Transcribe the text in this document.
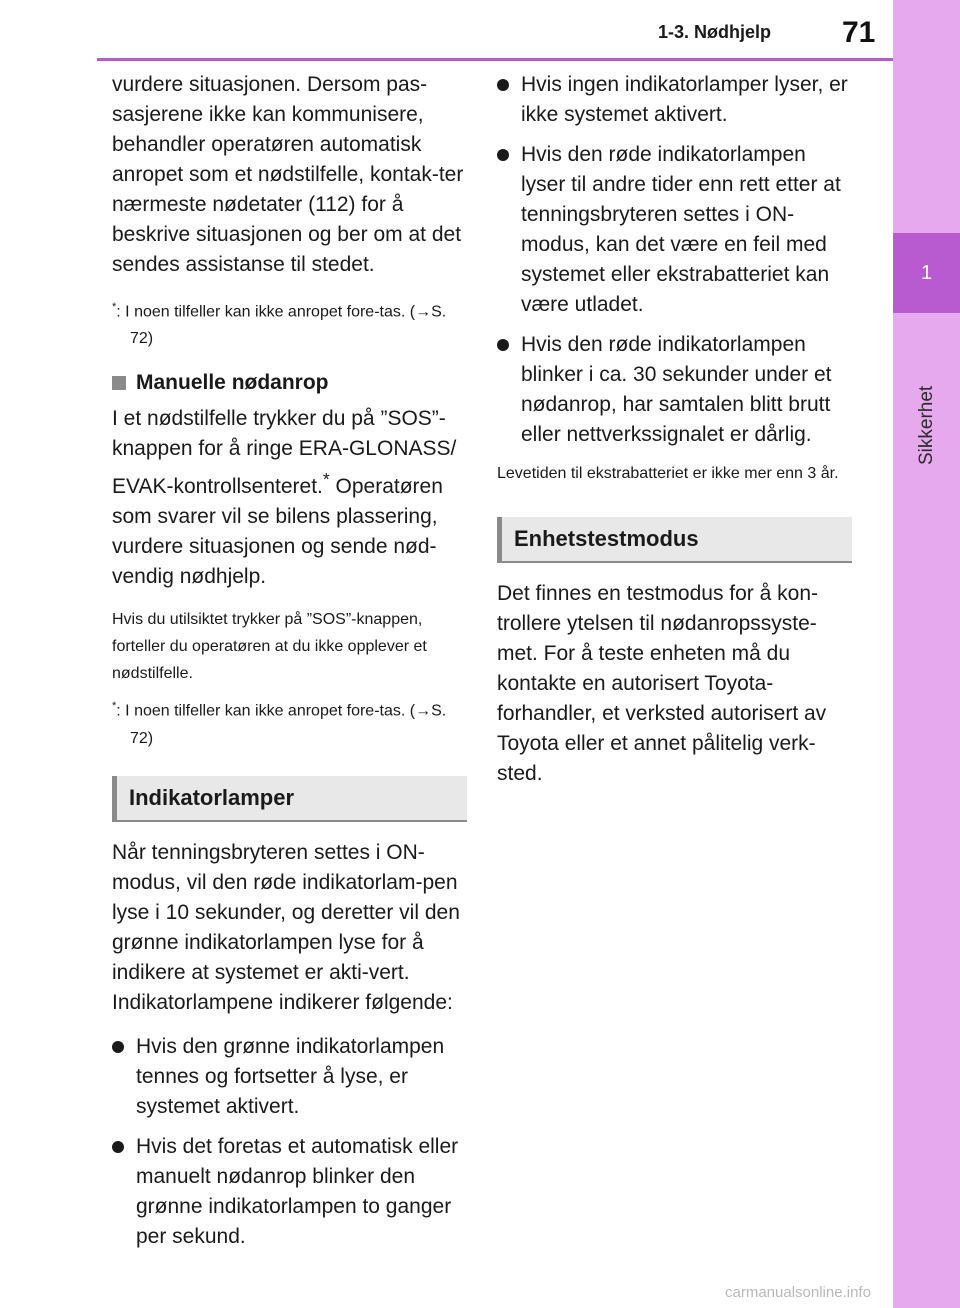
1
Sikkerhet
1-3. Nødhjelp 71

vurdere situasjonen. Dersom pas-sasjerene ikke kan kommunisere, behandler operatøren automatisk anropet som et nødstilfelle, kontak-ter nærmeste nødetater (112) for å beskrive situasjonen og ber om at det sendes assistanse til stedet.

*: I noen tilfeller kan ikke anropet fore-tas. (→S. 72)

Manuelle nødanrop

I et nødstilfelle trykker du på ”SOS”-knappen for å ringe ERA-GLONASS/ EVAK-kontrollsenteret.* Operatøren som svarer vil se bilens plassering, vurdere situasjonen og sende nød-vendig nødhjelp.

Hvis du utilsiktet trykker på ”SOS”-knappen, forteller du operatøren at du ikke opplever et nødstilfelle.

*: I noen tilfeller kan ikke anropet fore-tas. (→S. 72)

Indikatorlamper

Når tenningsbryteren settes i ON-modus, vil den røde indikatorlam-pen lyse i 10 sekunder, og deretter vil den grønne indikatorlampen lyse for å indikere at systemet er akti-vert. Indikatorlampene indikerer følgende:

Hvis den grønne indikatorlampen tennes og fortsetter å lyse, er systemet aktivert.
Hvis det foretas et automatisk eller manuelt nødanrop blinker den grønne indikatorlampen to ganger per sekund.
Hvis ingen indikatorlamper lyser, er ikke systemet aktivert.
Hvis den røde indikatorlampen lyser til andre tider enn rett etter at tenningsbryteren settes i ON-modus, kan det være en feil med systemet eller ekstrabatteriet kan være utladet.
Hvis den røde indikatorlampen blinker i ca. 30 sekunder under et nødanrop, har samtalen blitt brutt eller nettverkssignalet er dårlig.

Levetiden til ekstrabatteriet er ikke mer enn 3 år.

Enhetstestmodus

Det finnes en testmodus for å kon-trollere ytelsen til nødanropssyste-met. For å teste enheten må du kontakte en autorisert Toyota-forhandler, et verksted autorisert av Toyota eller et annet pålitelig verk-sted.

carmanualsonline.info
